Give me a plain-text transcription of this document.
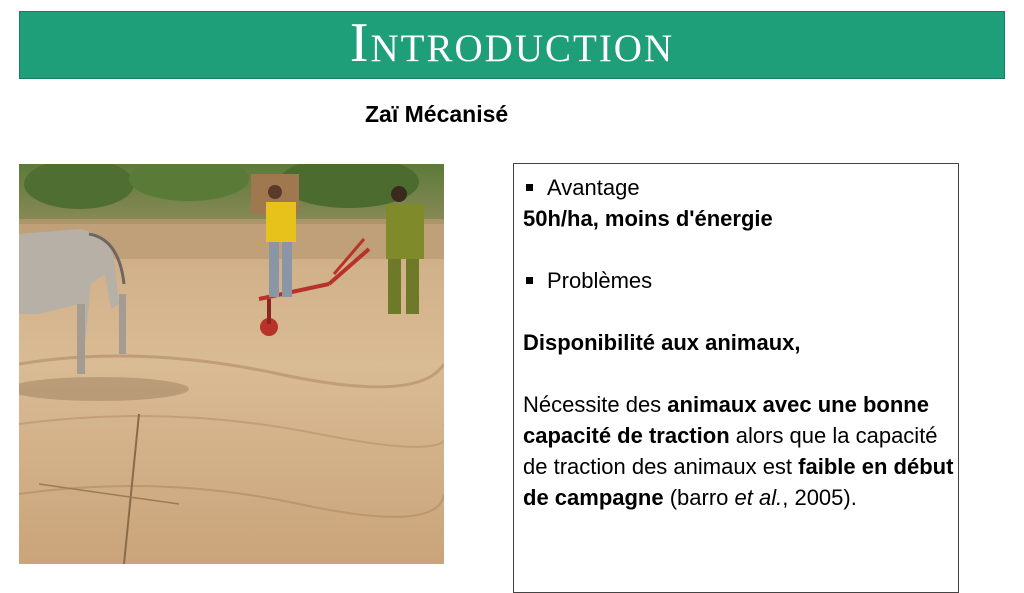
Introduction
Zaï Mécanisé
Avantage

50h/ha, moins d'énergie

Problèmes

Disponibilité aux animaux,

Nécessite des animaux avec une bonne capacité de traction alors que la capacité de traction des animaux est faible en début de campagne (barro et al., 2005).
